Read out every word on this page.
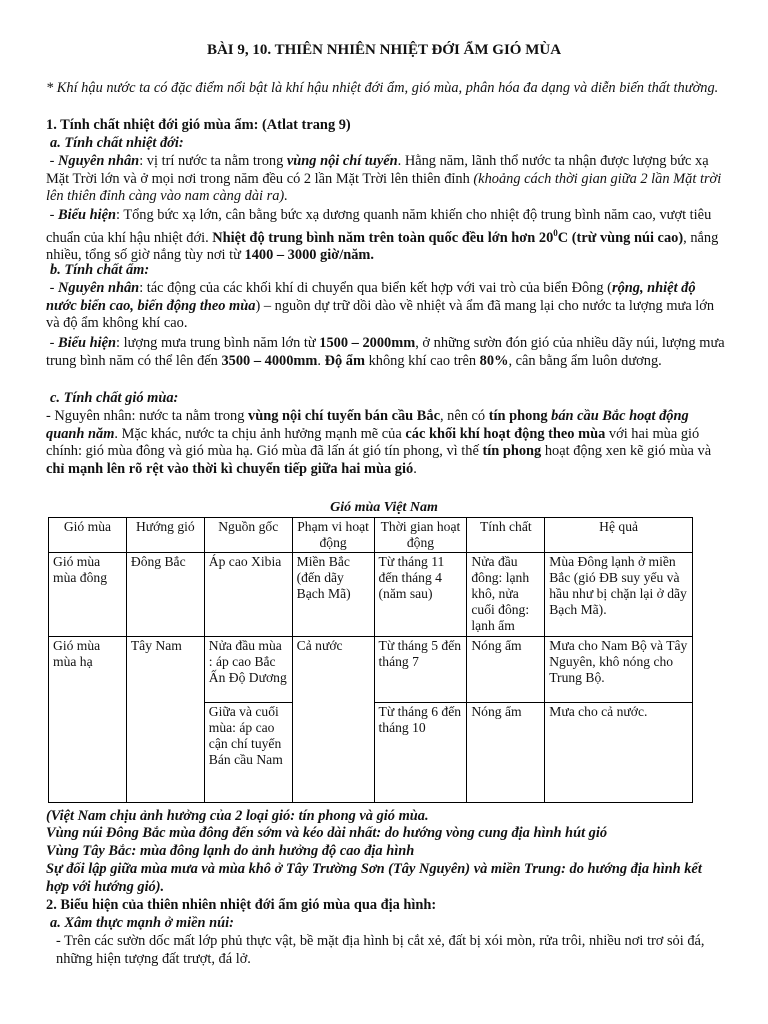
BÀI 9, 10. THIÊN NHIÊN NHIỆT ĐỚI ẨM GIÓ MÙA
* Khí hậu nước ta có đặc điểm nổi bật là khí hậu nhiệt đới ẩm, gió mùa, phân hóa đa dạng và diễn biến thất thường.
1. Tính chất nhiệt đới gió mùa ẩm: (Atlat trang 9)
a. Tính chất nhiệt đới:
- Nguyên nhân: vị trí nước ta nằm trong vùng nội chí tuyến. Hằng năm, lãnh thổ nước ta nhận được lượng bức xạ Mặt Trời lớn và ở mọi nơi trong năm đều có 2 lần Mặt Trời lên thiên đỉnh (khoảng cách thời gian giữa 2 lần Mặt trời lên thiên đỉnh càng vào nam càng dài ra).
- Biểu hiện: Tổng bức xạ lớn, cân bằng bức xạ dương quanh năm khiến cho nhiệt độ trung bình năm cao, vượt tiêu chuẩn của khí hậu nhiệt đới. Nhiệt độ trung bình năm trên toàn quốc đều lớn hơn $20^0C$ (trừ vùng núi cao), nắng nhiều, tổng số giờ nắng tùy nơi từ 1400 – 3000 giờ/năm.
b. Tính chất ẩm:
- Nguyên nhân: tác động của các khối khí di chuyển qua biển kết hợp với vai trò của biển Đông (rộng, nhiệt độ nước biển cao, biến động theo mùa) – nguồn dự trữ dồi dào về nhiệt và ẩm đã mang lại cho nước ta lượng mưa lớn và độ ẩm không khí cao.
- Biểu hiện: lượng mưa trung bình năm lớn từ 1500 – 2000mm, ở những sườn đón gió của nhiều dãy núi, lượng mưa trung bình năm có thể lên đến 3500 – 4000mm. Độ ẩm không khí cao trên 80%, cân bằng ẩm luôn dương.
c. Tính chất gió mùa:
- Nguyên nhân: nước ta nằm trong vùng nội chí tuyến bán cầu Bắc, nên có tín phong bán cầu Bắc hoạt động quanh năm. Mặc khác, nước ta chịu ảnh hưởng mạnh mẽ của các khối khí hoạt động theo mùa với hai mùa gió chính: gió mùa đông và gió mùa hạ. Gió mùa đã lấn át gió tín phong, vì thế tín phong hoạt động xen kẽ gió mùa và chỉ mạnh lên rõ rệt vào thời kì chuyển tiếp giữa hai mùa gió.
Gió mùa Việt Nam
Gió mùa	Hướng gió	Nguồn gốc	Phạm vi hoạt động	Thời gian hoạt động	Tính chất	Hệ quả
Gió mùa mùa đông	Đông Bắc	Áp cao Xibia	Miền Bắc (đến dãy Bạch Mã)	Từ tháng 11 đến tháng 4 (năm sau)	Nửa đầu đông: lạnh khô, nửa cuối đông: lạnh ẩm	Mùa Đông lạnh ở miền Bắc (gió ĐB suy yếu và hầu như bị chặn lại ở dãy Bạch Mã).
Gió mùa mùa hạ	Tây Nam	Nửa đầu mùa : áp cao Bắc Ấn Độ Dương	Cả nước	Từ tháng 5 đến tháng 7	Nóng ẩm	Mưa cho Nam Bộ và Tây Nguyên, khô nóng cho Trung Bộ.
		Giữa và cuối mùa: áp cao cận chí tuyến Bán cầu Nam		Từ tháng 6 đến tháng 10	Nóng ẩm	Mưa cho cả nước.
(Việt Nam chịu ảnh hưởng của 2 loại gió: tín phong và gió mùa.
Vùng núi Đông Bắc mùa đông đến sớm và kéo dài nhất: do hướng vòng cung địa hình hút gió
Vùng Tây Bắc: mùa đông lạnh do ảnh hưởng độ cao địa hình
Sự đối lập giữa mùa mưa và mùa khô ở Tây Trường Sơn (Tây Nguyên) và miền Trung: do hướng địa hình kết hợp với hướng gió).
2. Biểu hiện của thiên nhiên nhiệt đới ẩm gió mùa qua địa hình:
a. Xâm thực mạnh ở miền núi:
- Trên các sườn dốc mất lớp phủ thực vật, bề mặt địa hình bị cắt xẻ, đất bị xói mòn, rửa trôi, nhiều nơi trơ sỏi đá, những hiện tượng đất trượt, đá lở.
